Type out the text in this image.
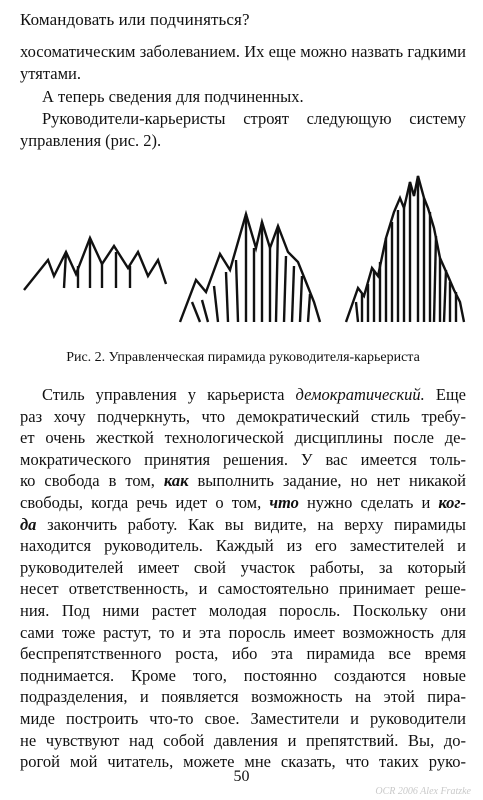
Командовать или подчиняться?

хосоматическим заболеванием. Их еще можно назвать гадкими утятами.

А теперь сведения для подчиненных.

Руководители-карьеристы строят следующую систему управления (рис. 2).

Рис. 2. Управленческая пирамида руководителя-карьериста
Стиль управления у карьериста демократический. Еще
раз хочу подчеркнуть, что демократический стиль требу-
ет очень жесткой технологической дисциплины после де-
мократического принятия решения. У вас имеется толь-
ко свобода в том, как выполнить задание, но нет никакой
свободы, когда речь идет о том, что нужно сделать и ког-
да закончить работу. Как вы видите, на верху пирамиды
находится руководитель. Каждый из его заместителей и
руководителей имеет свой участок работы, за который
несет ответственность, и самостоятельно принимает реше-
ния. Под ними растет молодая поросль. Поскольку они
сами тоже растут, то и эта поросль имеет возможность для
беспрепятственного роста, ибо эта пирамида все время
поднимается. Кроме того, постоянно создаются новые
подразделения, и появляется возможность на этой пира-
миде построить что-то свое. Заместители и руководители
не чувствуют над собой давления и препятствий. Вы, до-
рогой мой читатель, можете мне сказать, что таких руко-
50
OCR 2006 Alex Fratzke
